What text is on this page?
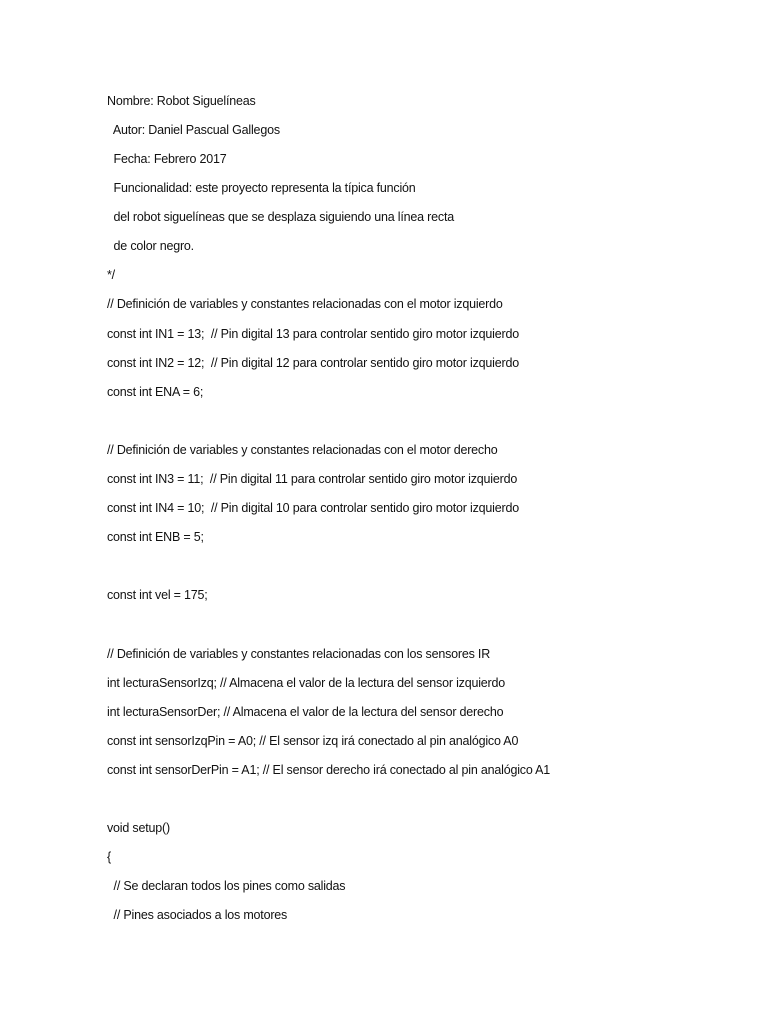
Nombre: Robot Siguelíneas
Autor: Daniel Pascual Gallegos
Fecha: Febrero 2017
Funcionalidad: este proyecto representa la típica función
del robot siguelíneas que se desplaza siguiendo una línea recta
de color negro.
*/
// Definición de variables y constantes relacionadas con el motor izquierdo
const int IN1 = 13;  // Pin digital 13 para controlar sentido giro motor izquierdo
const int IN2 = 12;  // Pin digital 12 para controlar sentido giro motor izquierdo
const int ENA = 6;
// Definición de variables y constantes relacionadas con el motor derecho
const int IN3 = 11;  // Pin digital 11 para controlar sentido giro motor izquierdo
const int IN4 = 10;  // Pin digital 10 para controlar sentido giro motor izquierdo
const int ENB = 5;
const int vel = 175;
// Definición de variables y constantes relacionadas con los sensores IR
int lecturaSensorIzq; // Almacena el valor de la lectura del sensor izquierdo
int lecturaSensorDer; // Almacena el valor de la lectura del sensor derecho
const int sensorIzqPin = A0; // El sensor izq irá conectado al pin analógico A0
const int sensorDerPin = A1; // El sensor derecho irá conectado al pin analógico A1
void setup()
{
// Se declaran todos los pines como salidas
// Pines asociados a los motores
